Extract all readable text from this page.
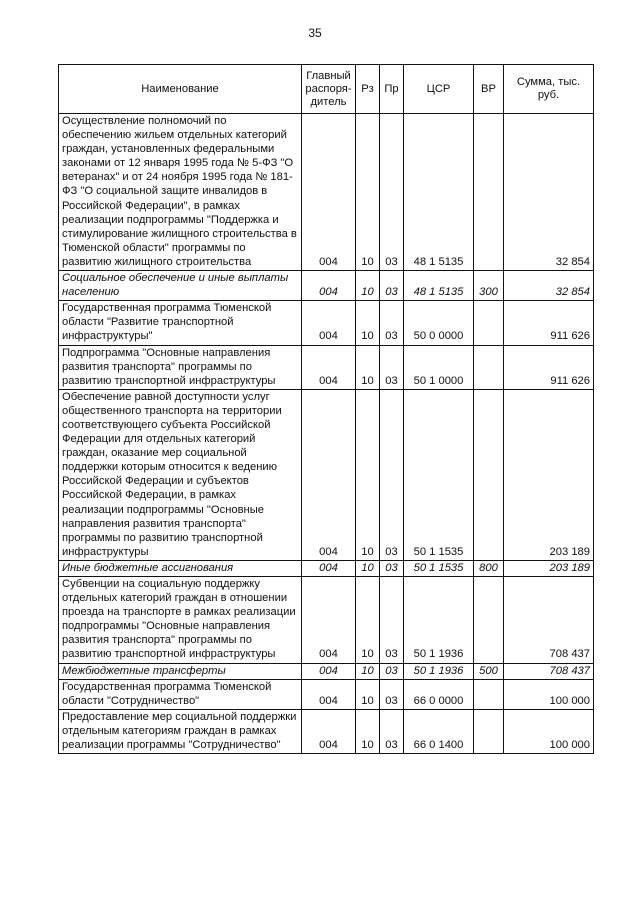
35
Наименование	Главный распоря-дитель	Рз	Пр	ЦСР	ВР	Сумма, тыс. руб.
Осуществление полномочий по обеспечению жильем отдельных категорий граждан, установленных федеральными законами от 12 января 1995 года № 5-ФЗ "О ветеранах" и от 24 ноября 1995 года № 181-ФЗ "О социальной защите инвалидов в Российской Федерации", в рамках реализации подпрограммы "Поддержка и стимулирование жилищного строительства в Тюменской области" программы по развитию жилищного строительства	004	10	03	48 1 5135		32 854
Социальное обеспечение и иные выплаты населению	004	10	03	48 1 5135	300	32 854
Государственная программа Тюменской области "Развитие транспортной инфраструктуры"	004	10	03	50 0 0000		911 626
Подпрограмма "Основные направления развития транспорта" программы по развитию транспортной инфраструктуры	004	10	03	50 1 0000		911 626
Обеспечение равной доступности услуг общественного транспорта на территории соответствующего субъекта Российской Федерации для отдельных категорий граждан, оказание мер социальной поддержки которым относится к ведению Российской Федерации и субъектов Российской Федерации, в рамках реализации подпрограммы "Основные направления развития транспорта" программы по развитию транспортной инфраструктуры	004	10	03	50 1 1535		203 189
Иные бюджетные ассигнования	004	10	03	50 1 1535	800	203 189
Субвенции на социальную поддержку отдельных категорий граждан в отношении проезда на транспорте в рамках реализации подпрограммы "Основные направления развития транспорта" программы по развитию транспортной инфраструктуры	004	10	03	50 1 1936		708 437
Межбюджетные трансферты	004	10	03	50 1 1936	500	708 437
Государственная программа Тюменской области "Сотрудничество"	004	10	03	66 0 0000		100 000
Предоставление мер социальной поддержки отдельным категориям граждан в рамках реализации программы "Сотрудничество"	004	10	03	66 0 1400		100 000
